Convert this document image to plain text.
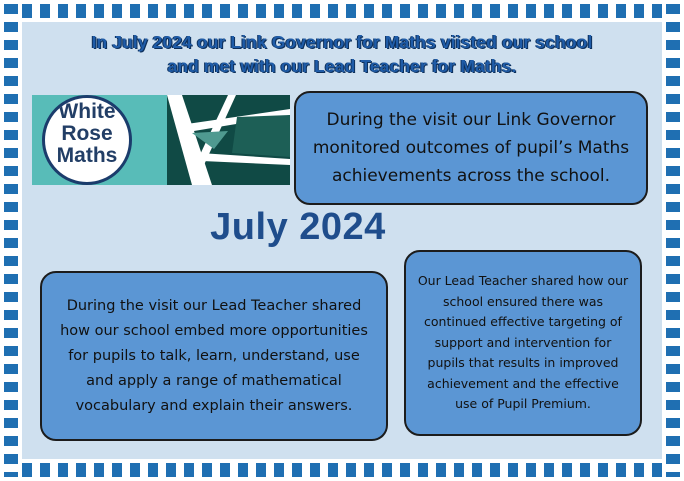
In July 2024 our Link Governor for Maths viisted our school
and met with our Lead Teacher for Maths.
White
Rose
Maths
During the visit our Link Governor monitored outcomes of pupil’s Maths achievements across the school.
July 2024
Our Lead Teacher shared how our school ensured there was continued effective targeting of support and intervention for pupils that results in improved achievement and the effective use of Pupil Premium.
During the visit our Lead Teacher shared how our school embed more opportunities for pupils to talk, learn, understand, use and apply a range of mathematical vocabulary and explain their answers.
